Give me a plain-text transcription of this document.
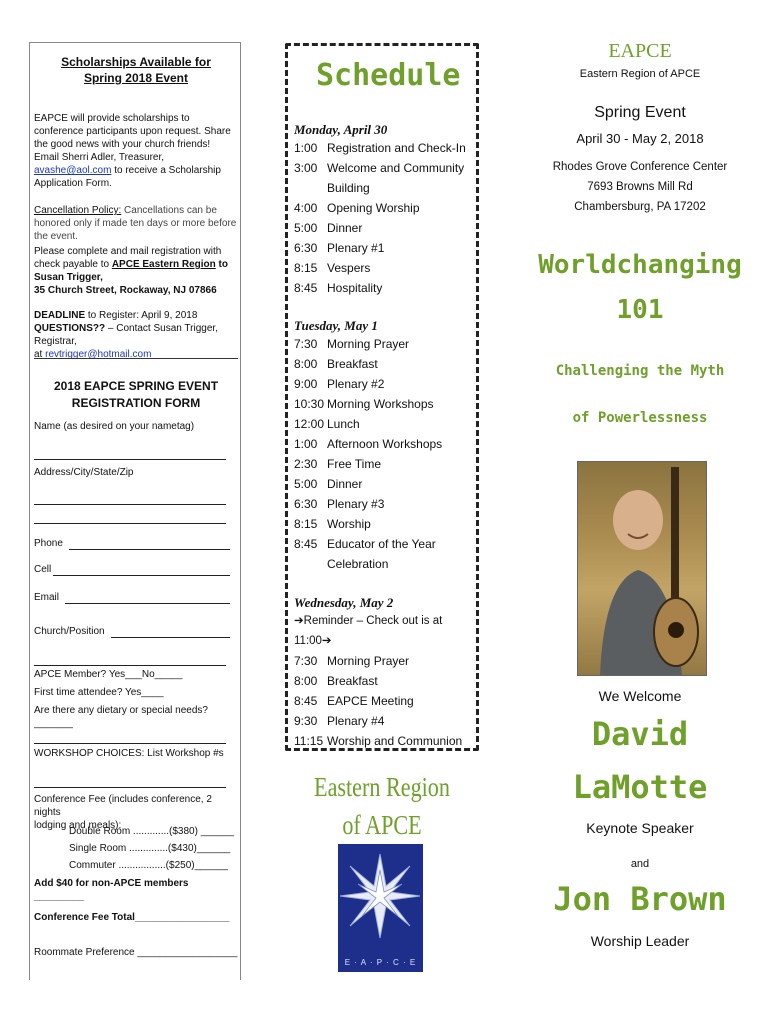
Scholarships Available for
Spring 2018 Event
EAPCE will provide scholarships to conference participants upon request. Share the good news with your church friends!
Email Sherri Adler, Treasurer, avashe@aol.com to receive a Scholarship Application Form.
Cancellation Policy: Cancellations can be honored only if made ten days or more before the event.
Please complete and mail registration with check payable to APCE Eastern Region to Susan Trigger,
35 Church Street, Rockaway, NJ 07866
DEADLINE to Register: April 9, 2018
QUESTIONS?? – Contact Susan Trigger, Registrar,
at revtrigger@hotmail.com
2018 EAPCE SPRING EVENT
REGISTRATION FORM
Name (as desired on your nametag)
Address/City/State/Zip
Phone
Cell
Email
Church/Position
APCE Member? Yes___No_____
First time attendee? Yes____
Are there any dietary or special needs?_______
WORKSHOP CHOICES: List Workshop #s
Conference Fee (includes conference, 2 nights
lodging and meals):
Double Room .............($380) ______
Single Room ..............($430)______
Commuter .................($250)______
Add $40 for non-APCE members _________
Conference Fee Total_________________
Roommate Preference __________________
Schedule
Monday, April 30
1:00 Registration and Check-In
3:00 Welcome and Community
Building
4:00 Opening Worship
5:00 Dinner
6:30 Plenary #1
8:15 Vespers
8:45 Hospitality
Tuesday, May 1
7:30 Morning Prayer
8:00 Breakfast
9:00 Plenary #2
10:30 Morning Workshops
12:00 Lunch
1:00 Afternoon Workshops
2:30 Free Time
5:00 Dinner
6:30 Plenary #3
8:15 Worship
8:45 Educator of the Year
Celebration
Wednesday, May 2
➔Reminder – Check out is at 11:00➔
7:30 Morning Prayer
8:00 Breakfast
8:45 EAPCE Meeting
9:30 Plenary #4
11:15 Worship and Communion
Eastern Region
of APCE
E · A · P · C · E
EAPCE
Eastern Region of APCE
Spring Event
April 30 - May 2, 2018
Rhodes Grove Conference Center
7693 Browns Mill Rd
Chambersburg, PA 17202
Worldchanging
101
Challenging the Myth
of Powerlessness
We Welcome
David
LaMotte
Keynote Speaker
and
Jon Brown
Worship Leader
